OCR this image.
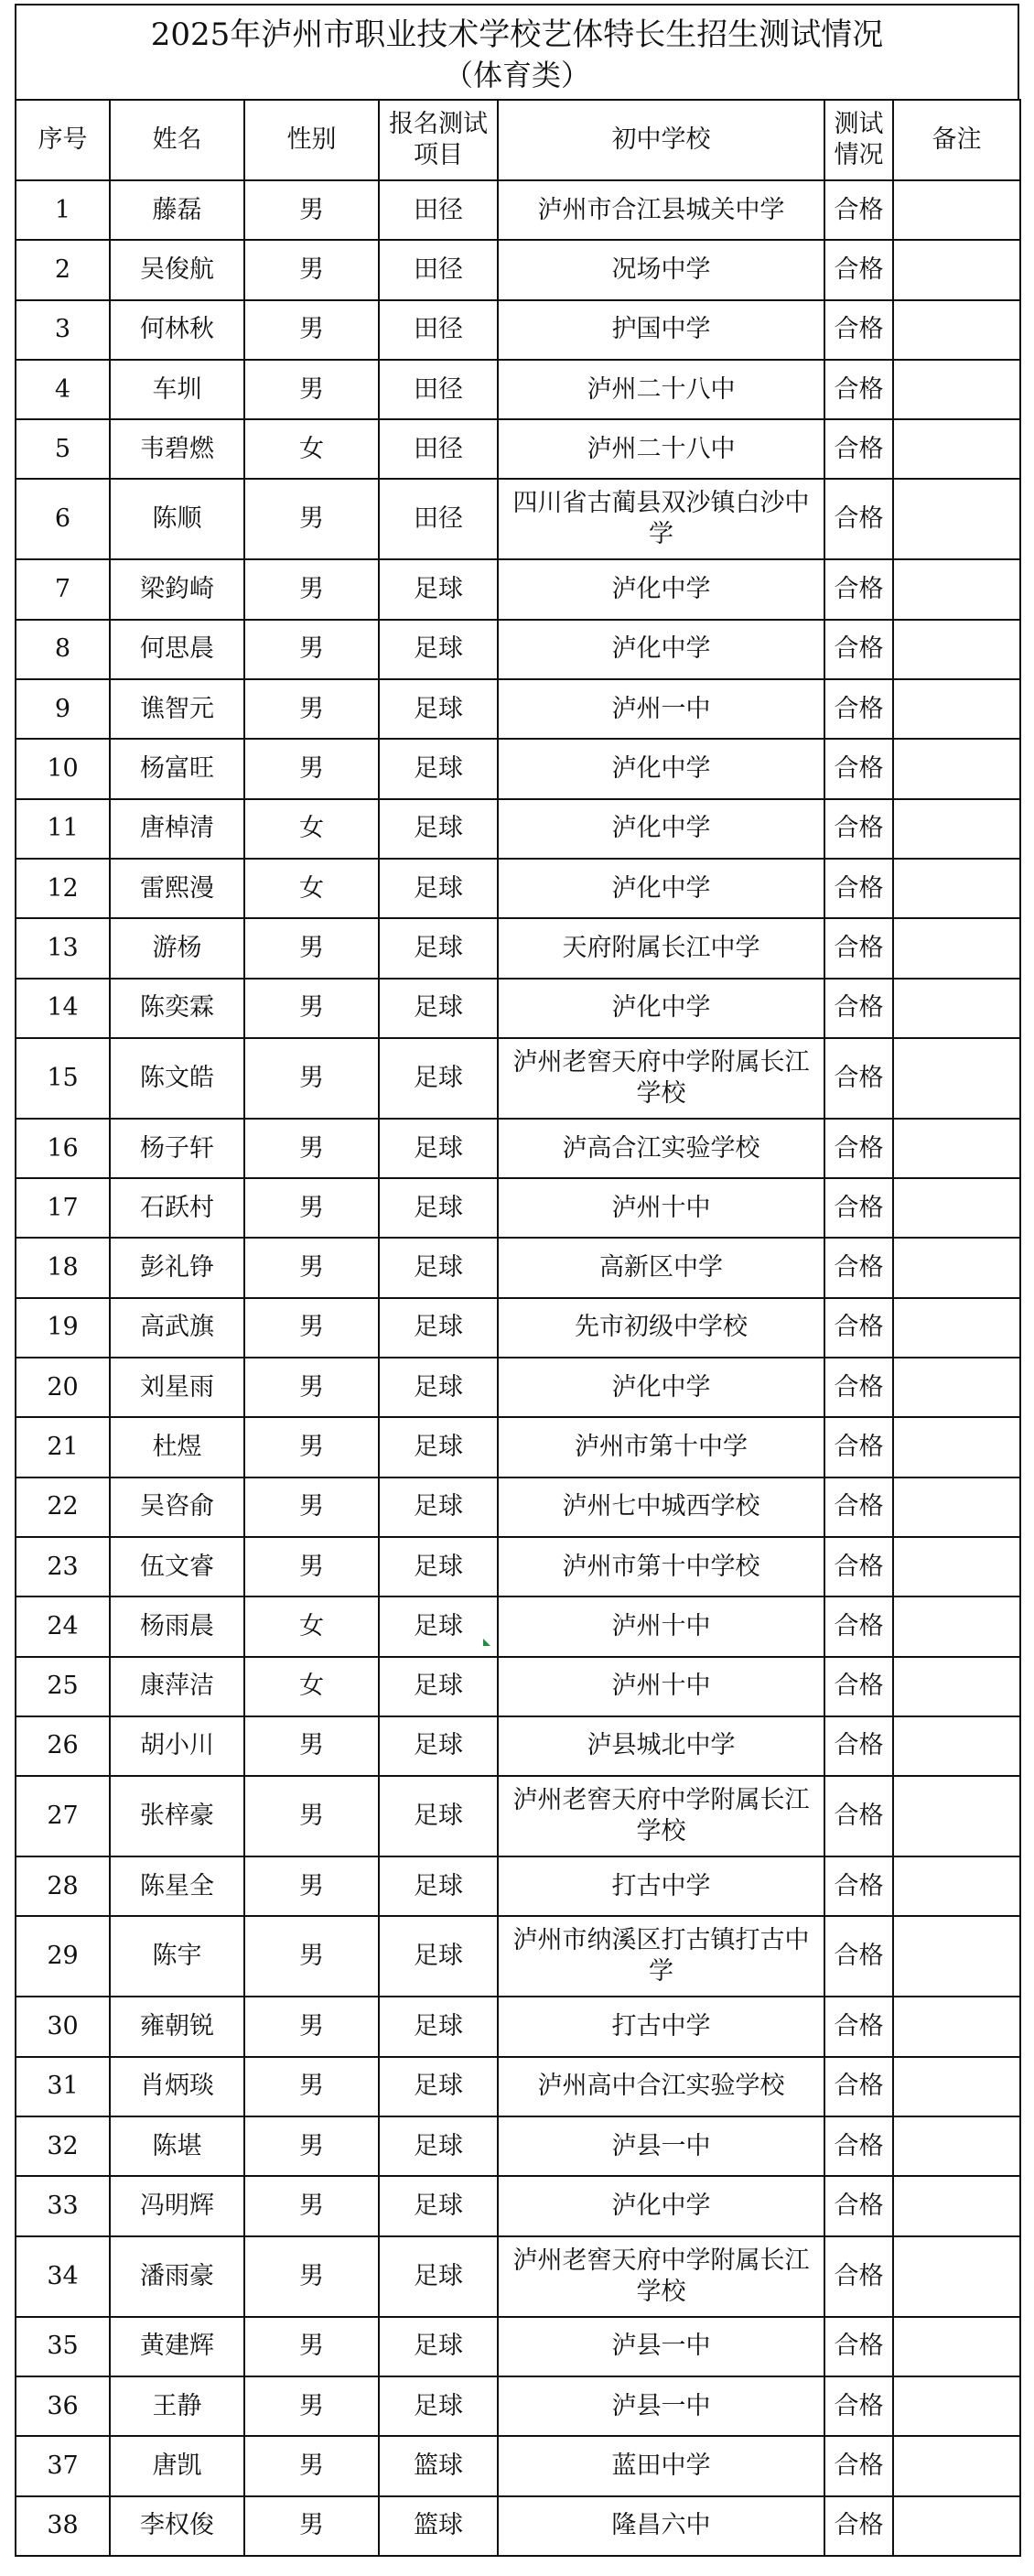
2025年泸州市职业技术学校艺体特长生招生测试情况
（体育类）
序号	姓名	性别	报名测试项目	初中学校	测试情况	备注
1	藤磊	男	田径	泸州市合江县城关中学	合格	
2	吴俊航	男	田径	况场中学	合格	
3	何林秋	男	田径	护国中学	合格	
4	车圳	男	田径	泸州二十八中	合格	
5	韦碧燃	女	田径	泸州二十八中	合格	
6	陈顺	男	田径	四川省古蔺县双沙镇白沙中学	合格	
7	梁鈞崎	男	足球	泸化中学	合格	
8	何思晨	男	足球	泸化中学	合格	
9	谯智元	男	足球	泸州一中	合格	
10	杨富旺	男	足球	泸化中学	合格	
11	唐棹清	女	足球	泸化中学	合格	
12	雷熙漫	女	足球	泸化中学	合格	
13	游杨	男	足球	天府附属长江中学	合格	
14	陈奕霖	男	足球	泸化中学	合格	
15	陈文皓	男	足球	泸州老窖天府中学附属长江学校	合格	
16	杨子轩	男	足球	泸高合江实验学校	合格	
17	石跃村	男	足球	泸州十中	合格	
18	彭礼铮	男	足球	高新区中学	合格	
19	高武旗	男	足球	先市初级中学校	合格	
20	刘星雨	男	足球	泸化中学	合格	
21	杜煜	男	足球	泸州市第十中学	合格	
22	吴咨俞	男	足球	泸州七中城西学校	合格	
23	伍文睿	男	足球	泸州市第十中学校	合格	
24	杨雨晨	女	足球	泸州十中	合格	
25	康萍洁	女	足球	泸州十中	合格	
26	胡小川	男	足球	泸县城北中学	合格	
27	张梓豪	男	足球	泸州老窖天府中学附属长江学校	合格	
28	陈星全	男	足球	打古中学	合格	
29	陈宇	男	足球	泸州市纳溪区打古镇打古中学	合格	
30	雍朝锐	男	足球	打古中学	合格	
31	肖炳琰	男	足球	泸州高中合江实验学校	合格	
32	陈堪	男	足球	泸县一中	合格	
33	冯明辉	男	足球	泸化中学	合格	
34	潘雨豪	男	足球	泸州老窖天府中学附属长江学校	合格	
35	黄建辉	男	足球	泸县一中	合格	
36	王静	男	足球	泸县一中	合格	
37	唐凯	男	篮球	蓝田中学	合格	
38	李权俊	男	篮球	隆昌六中	合格	
